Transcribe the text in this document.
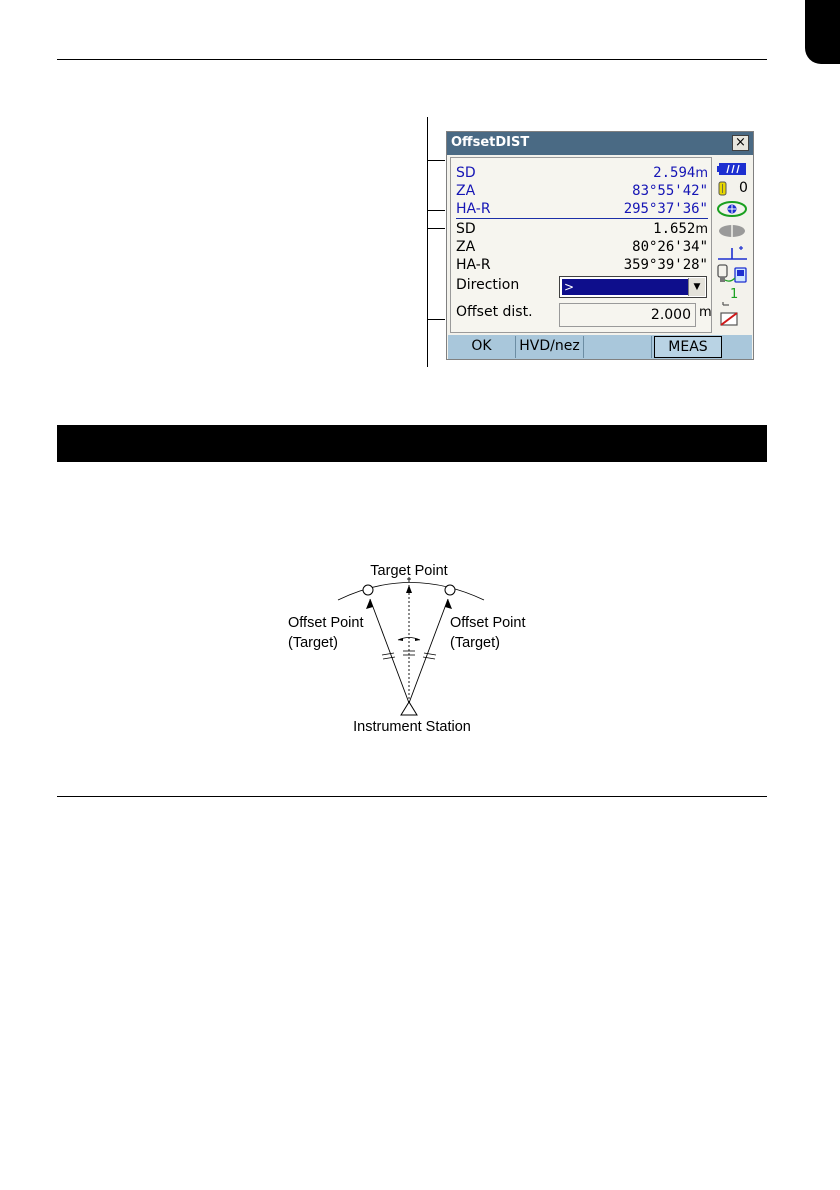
OffsetDIST	×
SD	2.594m
ZA	83°55'42"
HA-R	295°37'36"
SD	1.652m
ZA	80°26'34"
HA-R	359°39'28"
Direction	>	▼
Offset dist.	2.000 m
0
1
OK	HVD/nez	MEAS
Target Point
Offset Point
(Target)
Offset Point
(Target)
Instrument Station
